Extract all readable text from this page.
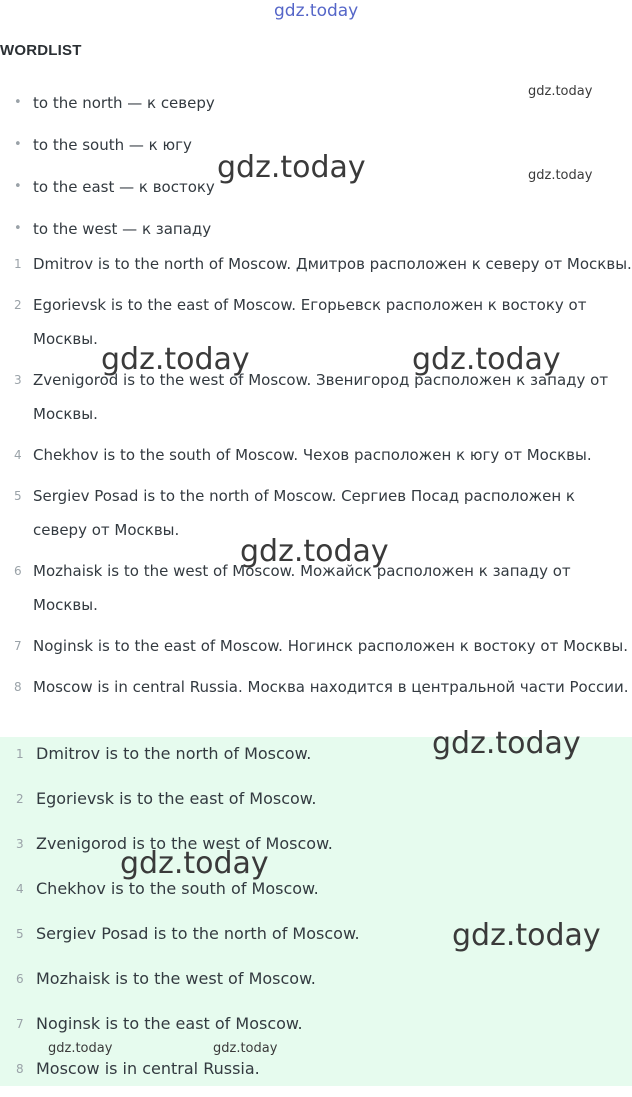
gdz.today
WORDLIST
• to the north — к северу
• to the south — к югу
• to the east — к востоку
• to the west — к западу
1 Dmitrov is to the north of Moscow. Дмитров расположен к северу от Москвы.
2 Egorievsk is to the east of Moscow. Егорьевск расположен к востоку от Москвы.
3 Zvenigorod is to the west of Moscow. Звенигород расположен к западу от Москвы.
4 Chekhov is to the south of Moscow. Чехов расположен к югу от Москвы.
5 Sergiev Posad is to the north of Moscow. Сергиев Посад расположен к северу от Москвы.
6 Mozhaisk is to the west of Moscow. Можайск расположен к западу от Москвы.
7 Noginsk is to the east of Moscow. Ногинск расположен к востоку от Москвы.
8 Moscow is in central Russia. Москва находится в центральной части России.
1 Dmitrov is to the north of Moscow.
2 Egorievsk is to the east of Moscow.
3 Zvenigorod is to the west of Moscow.
4 Chekhov is to the south of Moscow.
5 Sergiev Posad is to the north of Moscow.
6 Mozhaisk is to the west of Moscow.
7 Noginsk is to the east of Moscow.
8 Moscow is in central Russia.
gdz.today
gdz.today
gdz.today
gdz.today	gdz.today
gdz.today
gdz.today
gdz.today
gdz.today
gdz.today	gdz.today
